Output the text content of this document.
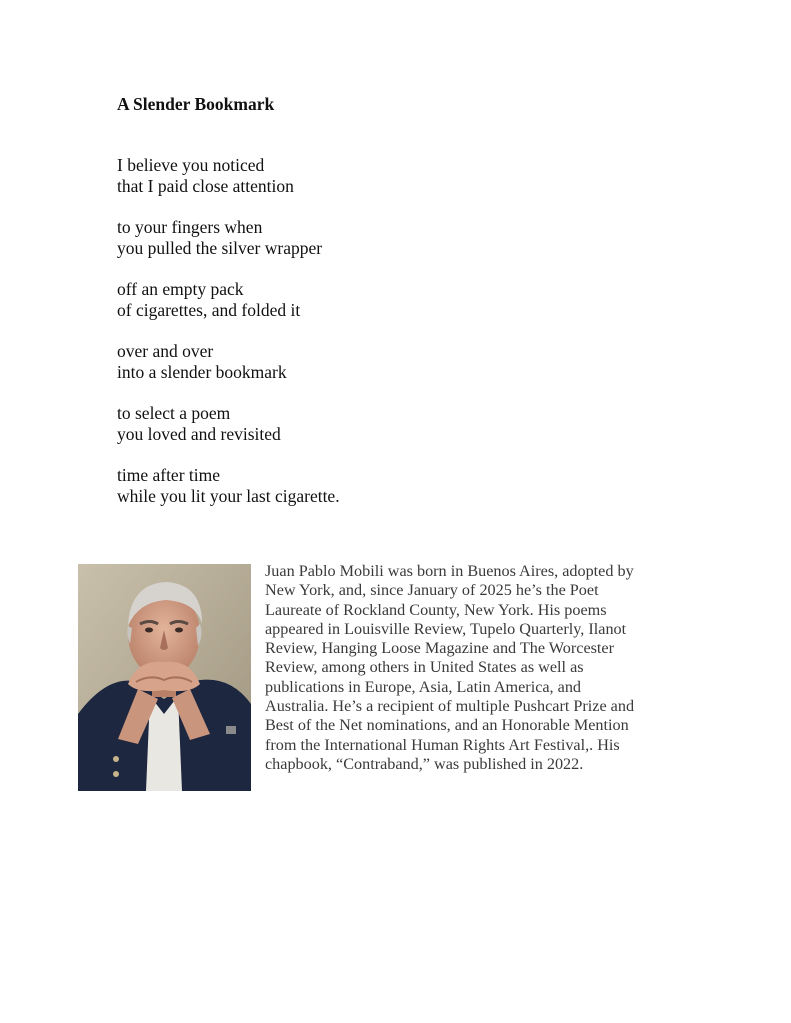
A Slender Bookmark

I believe you noticed
that I paid close attention

to your fingers when
you pulled the silver wrapper

off an empty pack
of cigarettes, and folded it

over and over
into a slender bookmark

to select a poem
you loved and revisited

time after time
while you lit your last cigarette.

Juan Pablo Mobili was born in Buenos Aires, adopted by
New York, and, since January of 2025 he’s the Poet
Laureate of Rockland County, New York. His poems
appeared in Louisville Review, Tupelo Quarterly, Ilanot
Review, Hanging Loose Magazine and The Worcester
Review, among others in United States as well as
publications in Europe, Asia, Latin America, and
Australia. He’s a recipient of multiple Pushcart Prize and
Best of the Net nominations, and an Honorable Mention
from the International Human Rights Art Festival,. His
chapbook, “Contraband,” was published in 2022.
